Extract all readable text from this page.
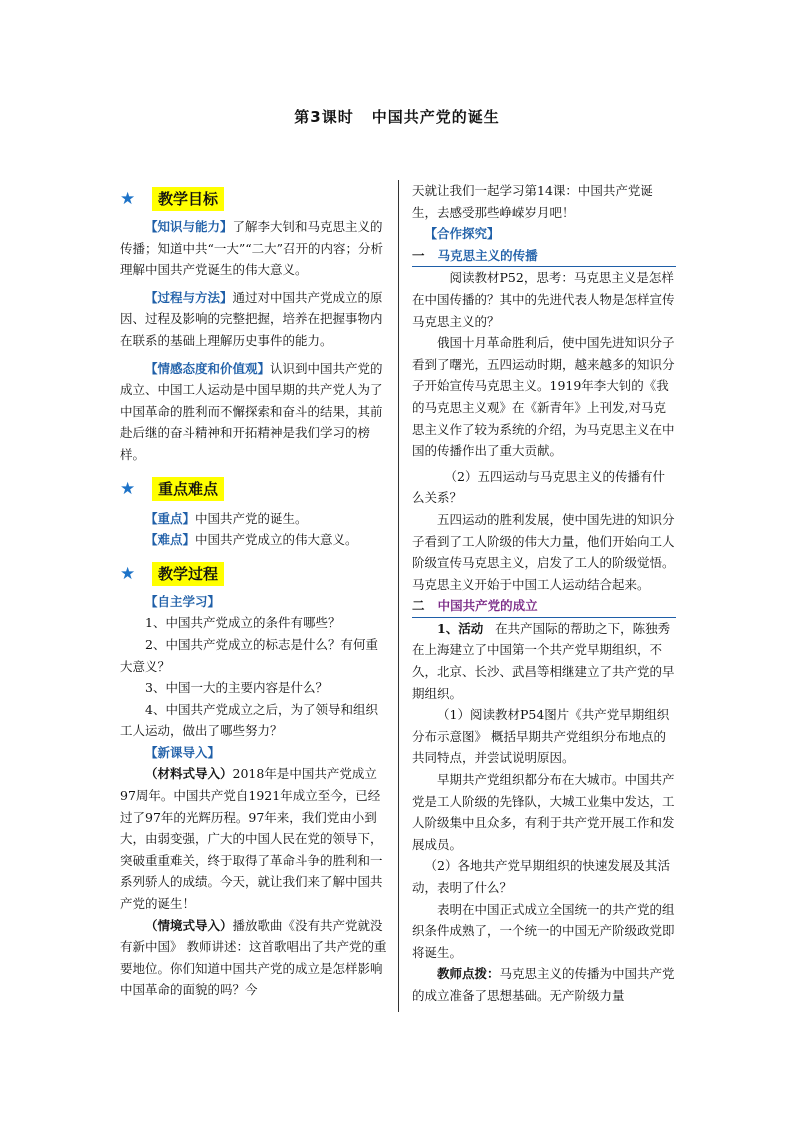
第3课时 中国共产党的诞生
★	教学目标

【知识与能力】了解李大钊和马克思主义的传播；知道中共“一大”“二大”召开的内容；分析理解中国共产党诞生的伟大意义。

【过程与方法】通过对中国共产党成立的原因、过程及影响的完整把握，培养在把握事物内在联系的基础上理解历史事件的能力。

【情感态度和价值观】认识到中国共产党的成立、中国工人运动是中国早期的共产党人为了中国革命的胜利而不懈探索和奋斗的结果，其前赴后继的奋斗精神和开拓精神是我们学习的榜样。

★	重点难点

【重点】中国共产党的诞生。

【难点】中国共产党成立的伟大意义。

★	教学过程

【自主学习】

1、中国共产党成立的条件有哪些？

2、中国共产党成立的标志是什么？有何重大意义？

3、中国一大的主要内容是什么？

4、中国共产党成立之后，为了领导和组织工人运动，做出了哪些努力？

【新课导入】

（材料式导入）2018年是中国共产党成立97周年。中国共产党自1921年成立至今，已经过了97年的光辉历程。97年来，我们党由小到大，由弱变强，广大的中国人民在党的领导下，突破重重难关，终于取得了革命斗争的胜利和一系列骄人的成绩。今天，就让我们来了解中国共产党的诞生！

（情境式导入）播放歌曲《没有共产党就没有新中国》 教师讲述：这首歌唱出了共产党的重要地位。你们知道中国共产党的成立是怎样影响中国革命的面貌的吗？今

天就让我们一起学习第14课：中国共产党诞生，去感受那些峥嵘岁月吧！

【合作探究】

一 马克思主义的传播

阅读教材P52，思考：马克思主义是怎样在中国传播的？其中的先进代表人物是怎样宣传马克思主义的？

俄国十月革命胜利后，使中国先进知识分子看到了曙光，五四运动时期，越来越多的知识分子开始宣传马克思主义。1919年李大钊的《我的马克思主义观》在《新青年》上刊发,对马克思主义作了较为系统的介绍，为马克思主义在中国的传播作出了重大贡献。

（2）五四运动与马克思主义的传播有什么关系？

五四运动的胜利发展，使中国先进的知识分子看到了工人阶级的伟大力量，他们开始向工人阶级宣传马克思主义，启发了工人的阶级觉悟。马克思主义开始于中国工人运动结合起来。

二 中国共产党的成立

1、活动 在共产国际的帮助之下，陈独秀在上海建立了中国第一个共产党早期组织，不久，北京、长沙、武昌等相继建立了共产党的早期组织。

（1）阅读教材P54图片《共产党早期组织分布示意图》 概括早期共产党组织分布地点的共同特点，并尝试说明原因。

早期共产党组织都分布在大城市。中国共产党是工人阶级的先锋队，大城工业集中发达，工人阶级集中且众多，有利于共产党开展工作和发展成员。

（2）各地共产党早期组织的快速发展及其活动，表明了什么？

表明在中国正式成立全国统一的共产党的组织条件成熟了，一个统一的中国无产阶级政党即将诞生。

教师点拨：马克思主义的传播为中国共产党的成立准备了思想基础。无产阶级力量
